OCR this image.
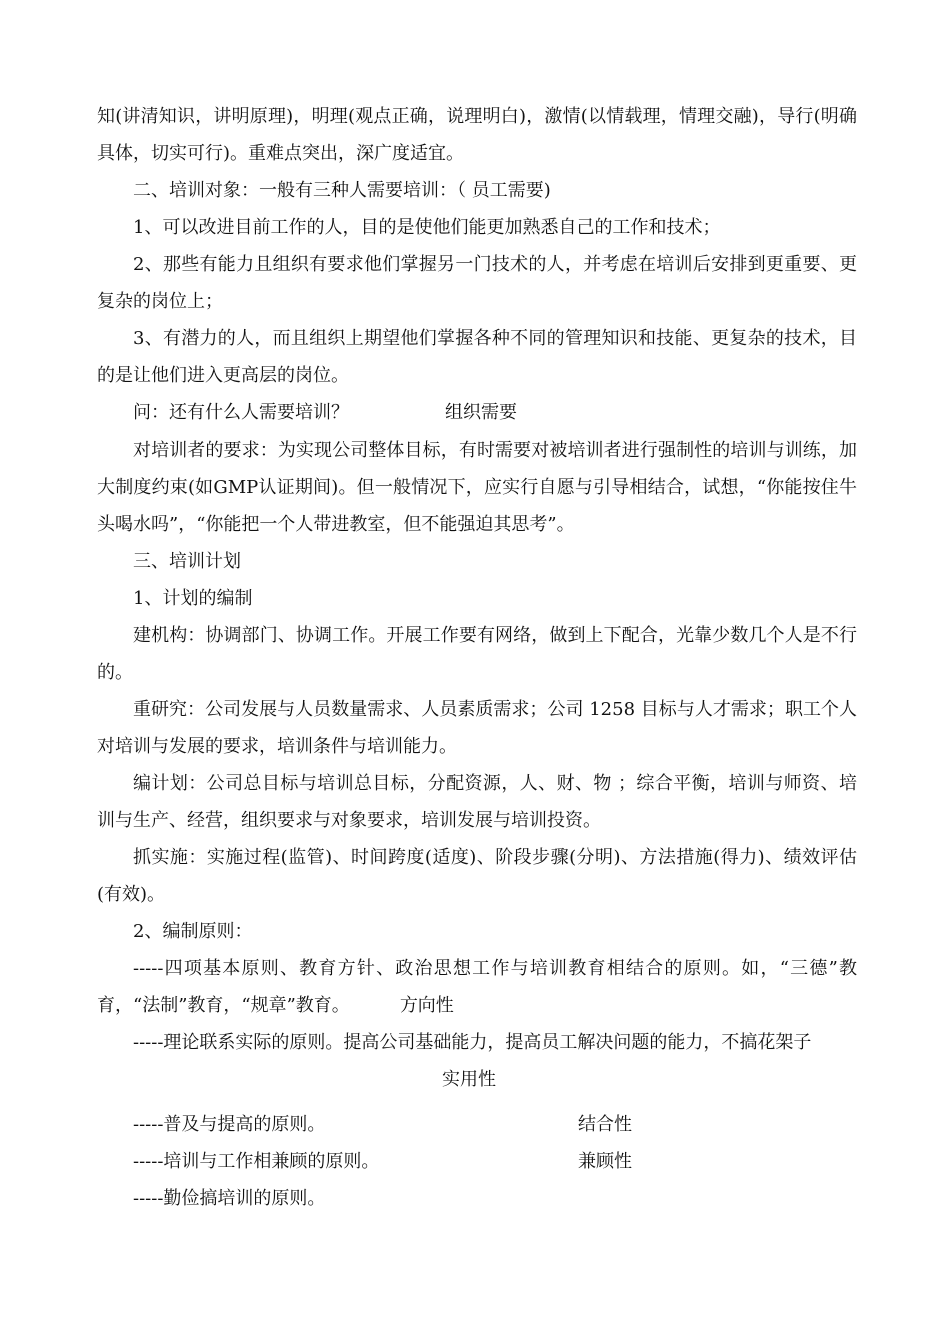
知(讲清知识，讲明原理)，明理(观点正确，说理明白)，激情(以情载理，情理交融)，导行(明确具体，切实可行)。重难点突出，深广度适宜。

二、培训对象：一般有三种人需要培训：（ 员工需要)

1、可以改进目前工作的人，目的是使他们能更加熟悉自己的工作和技术；

2、那些有能力且组织有要求他们掌握另一门技术的人，并考虑在培训后安排到更重要、更复杂的岗位上；

3、有潜力的人，而且组织上期望他们掌握各种不同的管理知识和技能、更复杂的技术，目的是让他们进入更高层的岗位。

问：还有什么人需要培训？	组织需要

对培训者的要求：为实现公司整体目标，有时需要对被培训者进行强制性的培训与训练，加大制度约束(如GMP认证期间)。但一般情况下，应实行自愿与引导相结合，试想，“你能按住牛头喝水吗”，“你能把一个人带进教室，但不能强迫其思考”。

三、培训计划

1、计划的编制

建机构：协调部门、协调工作。开展工作要有网络，做到上下配合，光靠少数几个人是不行的。

重研究：公司发展与人员数量需求、人员素质需求；公司 1258 目标与人才需求；职工个人对培训与发展的要求，培训条件与培训能力。

编计划：公司总目标与培训总目标，分配资源，人、财、物 ；综合平衡，培训与师资、培训与生产、经营，组织要求与对象要求，培训发展与培训投资。

抓实施：实施过程(监管)、时间跨度(适度)、阶段步骤(分明)、方法措施(得力)、绩效评估(有效)。

2、编制原则：

-----四项基本原则、教育方针、政治思想工作与培训教育相结合的原则。如，“三德”教育，“法制”教育，“规章”教育。	方向性

-----理论联系实际的原则。提高公司基础能力，提高员工解决问题的能力，不搞花架子

实用性

-----普及与提高的原则。	结合性

-----培训与工作相兼顾的原则。	兼顾性

-----勤俭搞培训的原则。
